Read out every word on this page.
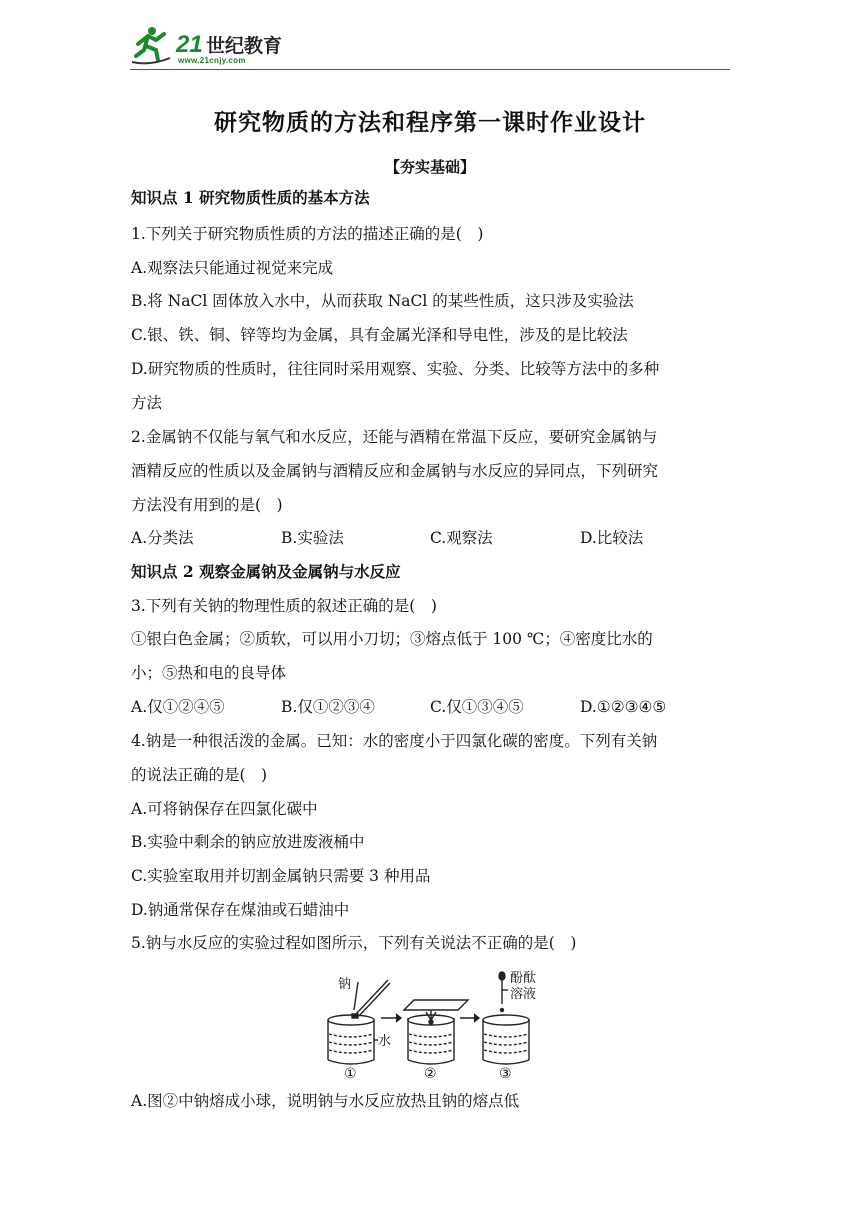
21 世纪教育
www.21cnjy.com
研究物质的方法和程序第一课时作业设计
【夯实基础】
知识点 1 研究物质性质的基本方法
1.下列关于研究物质性质的方法的描述正确的是(　)
A.观察法只能通过视觉来完成
B.将 NaCl 固体放入水中，从而获取 NaCl 的某些性质，这只涉及实验法
C.银、铁、铜、锌等均为金属，具有金属光泽和导电性，涉及的是比较法
D.研究物质的性质时，往往同时采用观察、实验、分类、比较等方法中的多种
方法
2.金属钠不仅能与氧气和水反应，还能与酒精在常温下反应，要研究金属钠与
酒精反应的性质以及金属钠与酒精反应和金属钠与水反应的异同点，下列研究
方法没有用到的是(　)
A.分类法	B.实验法	C.观察法	D.比较法
知识点 2 观察金属钠及金属钠与水反应
3.下列有关钠的物理性质的叙述正确的是(　)
①银白色金属；②质软，可以用小刀切；③熔点低于 100 ℃；④密度比水的
小；⑤热和电的良导体
A.仅①②④⑤	B.仅①②③④	C.仅①③④⑤	D.①②③④⑤
4.钠是一种很活泼的金属。已知：水的密度小于四氯化碳的密度。下列有关钠
的说法正确的是(　)
A.可将钠保存在四氯化碳中
B.实验中剩余的钠应放进废液桶中
C.实验室取用并切割金属钠只需要 3 种用品
D.钠通常保存在煤油或石蜡油中
5.钠与水反应的实验过程如图所示，下列有关说法不正确的是(　)
钠
水
酚酞
溶液
①	②	③
A.图②中钠熔成小球，说明钠与水反应放热且钠的熔点低
